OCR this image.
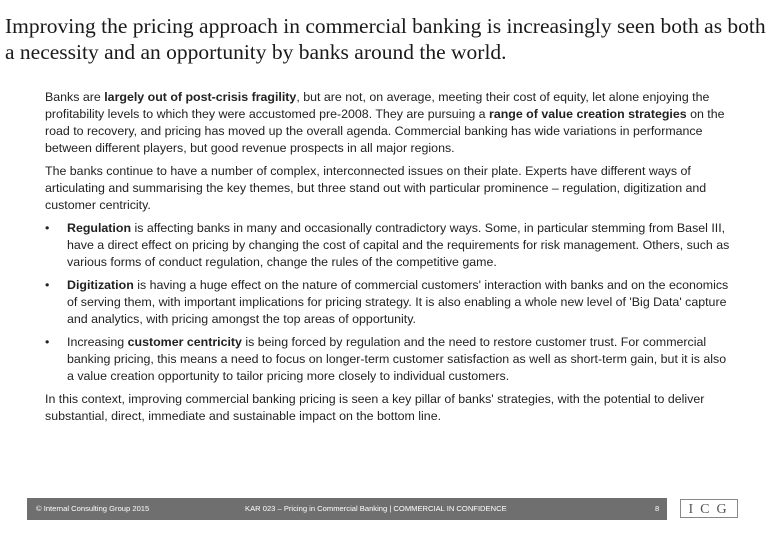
Improving the pricing approach in commercial banking is increasingly seen both as both a necessity and an opportunity by banks around the world.

Banks are largely out of post-crisis fragility, but are not, on average, meeting their cost of equity, let alone enjoying the profitability levels to which they were accustomed pre-2008. They are pursuing a range of value creation strategies on the road to recovery, and pricing has moved up the overall agenda. Commercial banking has wide variations in performance between different players, but good revenue prospects in all major regions.

The banks continue to have a number of complex, interconnected issues on their plate. Experts have different ways of articulating and summarising the key themes, but three stand out with particular prominence – regulation, digitization and customer centricity.

• Regulation is affecting banks in many and occasionally contradictory ways. Some, in particular stemming from Basel III, have a direct effect on pricing by changing the cost of capital and the requirements for risk management. Others, such as various forms of conduct regulation, change the rules of the competitive game.
• Digitization is having a huge effect on the nature of commercial customers' interaction with banks and on the economics of serving them, with important implications for pricing strategy. It is also enabling a whole new level of 'Big Data' capture and analytics, with pricing amongst the top areas of opportunity.
• Increasing customer centricity is being forced by regulation and the need to restore customer trust. For commercial banking pricing, this means a need to focus on longer-term customer satisfaction as well as short-term gain, but it is also a value creation opportunity to tailor pricing more closely to individual customers.

In this context, improving commercial banking pricing is seen a key pillar of banks' strategies, with the potential to deliver substantial, direct, immediate and sustainable impact on the bottom line.

© Internal Consulting Group 2015	KAR 023 – Pricing in Commercial Banking | COMMERCIAL IN CONFIDENCE	8	ICG
